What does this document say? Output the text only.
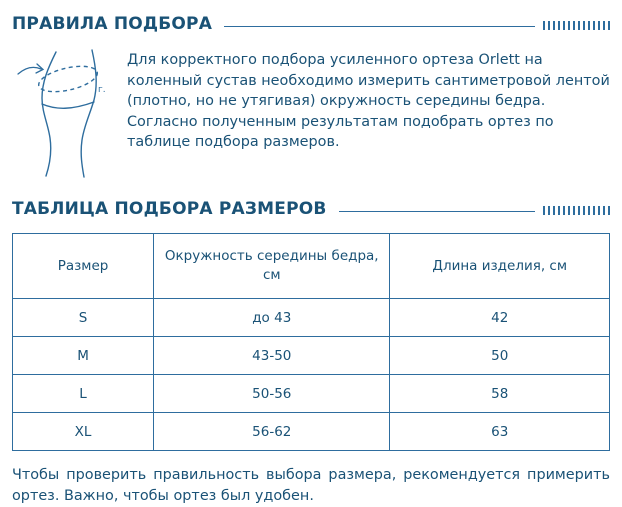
ПРАВИЛА ПОДБОРА
г.

Для корректного подбора усиленного ортеза Orlett на коленный сустав необходимо измерить сантиметровой лентой (плотно, но не утягивая) окружность середины бедра.

Согласно полученным результатам подобрать ортез по таблице подбора размеров.

ТАБЛИЦА ПОДБОРА РАЗМЕРОВ
Размер	Окружность середины бедра, см	Длина изделия, см
S	до 43	42
M	43-50	50
L	50-56	58
XL	56-62	63

Чтобы проверить правильность выбора размера, рекомендуется примерить ортез. Важно, чтобы ортез был удобен.
